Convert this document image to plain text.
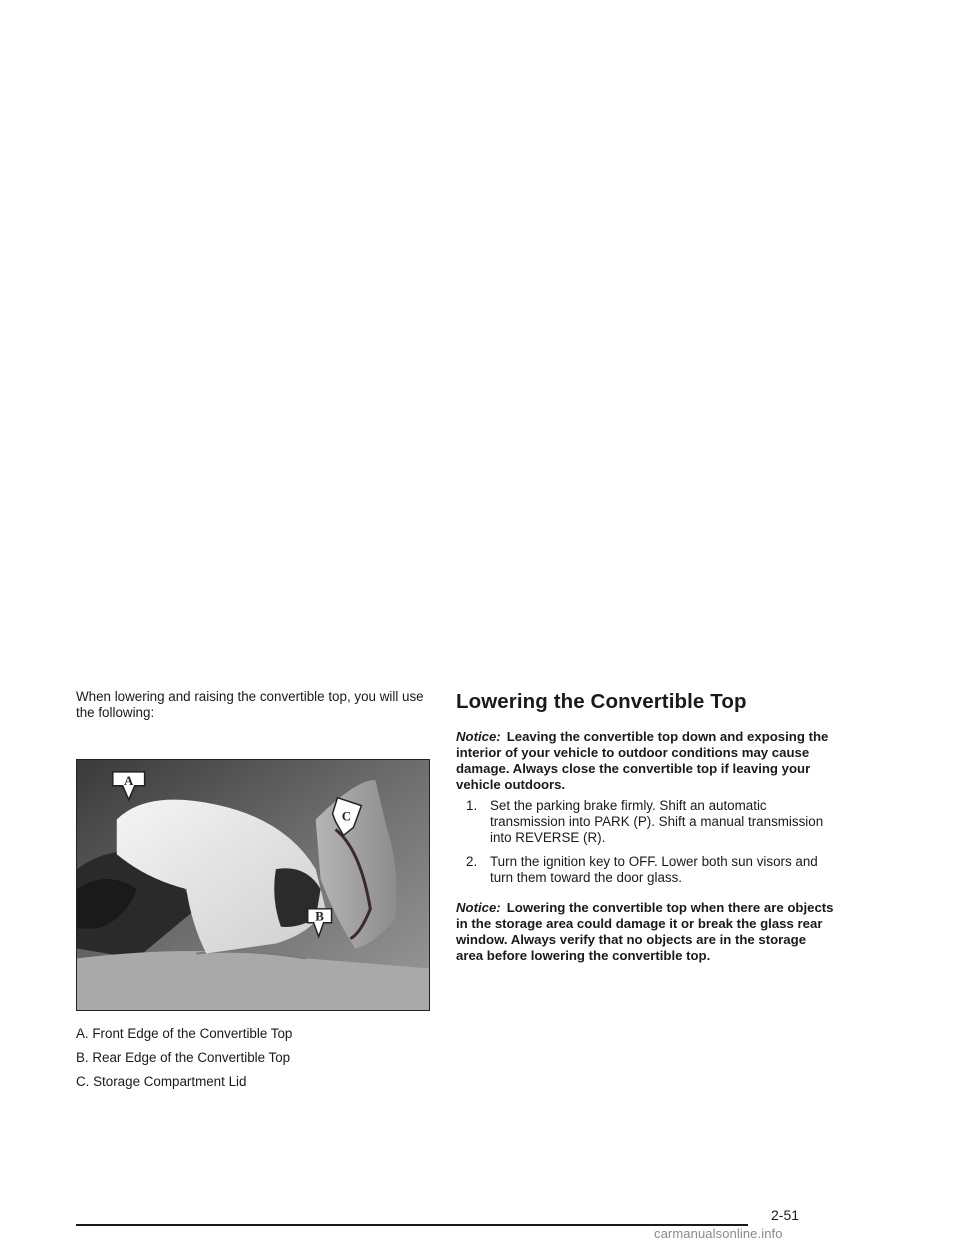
When lowering and raising the convertible top, you will use the following:

A
C
B
A. Front Edge of the Convertible Top
B. Rear Edge of the Convertible Top
C. Storage Compartment Lid
Lowering the Convertible Top

Notice: Leaving the convertible top down and exposing the interior of your vehicle to outdoor conditions may cause damage. Always close the convertible top if leaving your vehicle outdoors.

1. Set the parking brake firmly. Shift an automatic transmission into PARK (P). Shift a manual transmission into REVERSE (R).
2. Turn the ignition key to OFF. Lower both sun visors and turn them toward the door glass.

Notice: Lowering the convertible top when there are objects in the storage area could damage it or break the glass rear window. Always verify that no objects are in the storage area before lowering the convertible top.

2-51
carmanualsonline.info
